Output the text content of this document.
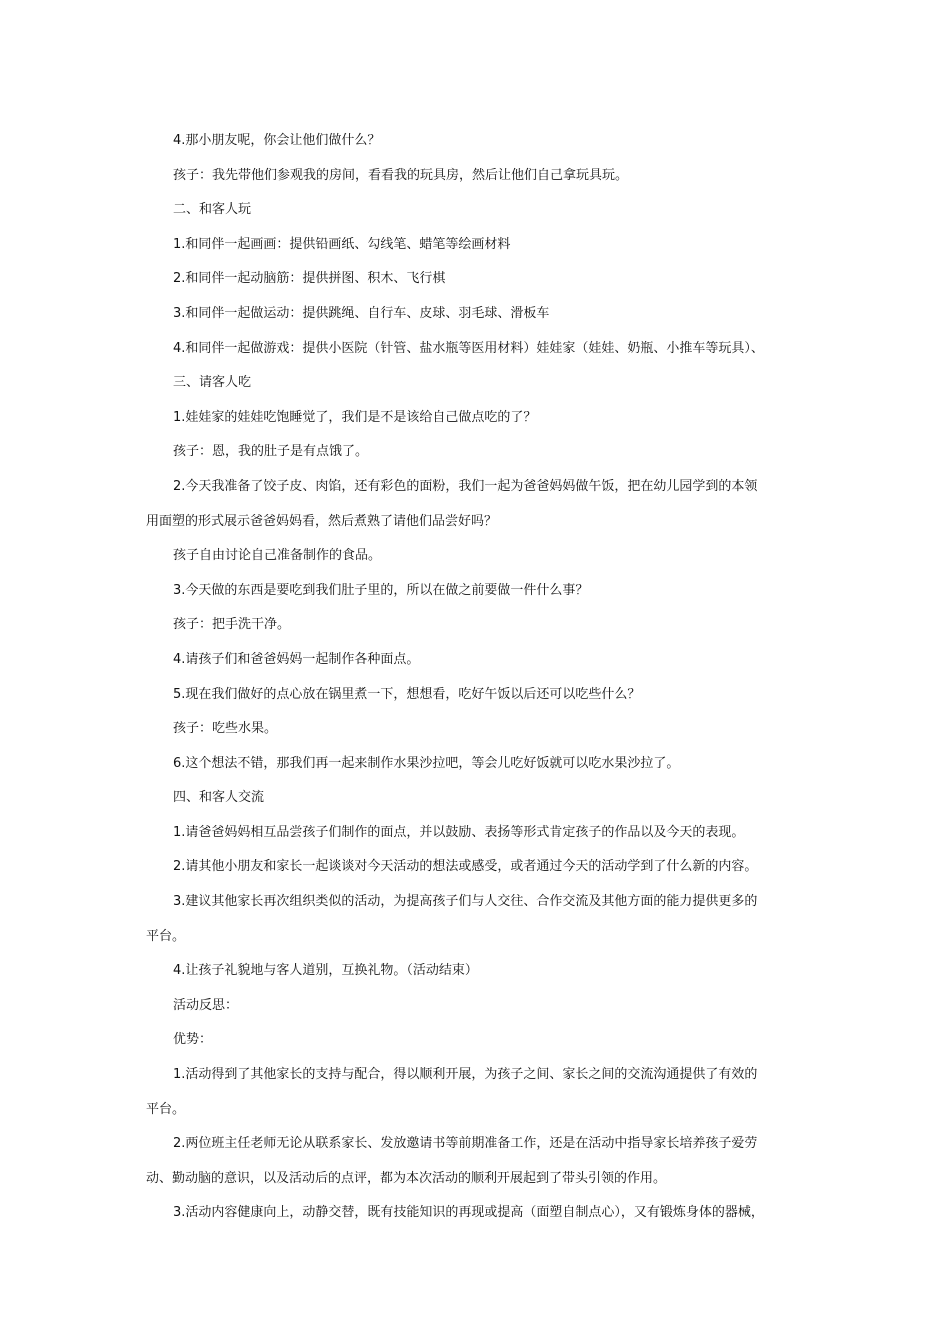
4.那小朋友呢，你会让他们做什么？

孩子：我先带他们参观我的房间，看看我的玩具房，然后让他们自己拿玩具玩。

二、和客人玩

1.和同伴一起画画：提供铅画纸、勾线笔、蜡笔等绘画材料

2.和同伴一起动脑筋：提供拼图、积木、飞行棋

3.和同伴一起做运动：提供跳绳、自行车、皮球、羽毛球、滑板车

4.和同伴一起做游戏：提供小医院（针管、盐水瓶等医用材料）娃娃家（娃娃、奶瓶、小推车等玩具）、

三、请客人吃

1.娃娃家的娃娃吃饱睡觉了，我们是不是该给自己做点吃的了？

孩子：恩，我的肚子是有点饿了。

2.今天我准备了饺子皮、肉馅，还有彩色的面粉，我们一起为爸爸妈妈做午饭，把在幼儿园学到的本领

用面塑的形式展示爸爸妈妈看，然后煮熟了请他们品尝好吗？

孩子自由讨论自己准备制作的食品。

3.今天做的东西是要吃到我们肚子里的，所以在做之前要做一件什么事？

孩子：把手洗干净。

4.请孩子们和爸爸妈妈一起制作各种面点。

5.现在我们做好的点心放在锅里煮一下，想想看，吃好午饭以后还可以吃些什么？

孩子：吃些水果。

6.这个想法不错，那我们再一起来制作水果沙拉吧，等会儿吃好饭就可以吃水果沙拉了。

四、和客人交流

1.请爸爸妈妈相互品尝孩子们制作的面点，并以鼓励、表扬等形式肯定孩子的作品以及今天的表现。

2.请其他小朋友和家长一起谈谈对今天活动的想法或感受，或者通过今天的活动学到了什么新的内容。

3.建议其他家长再次组织类似的活动，为提高孩子们与人交往、合作交流及其他方面的能力提供更多的

平台。

4.让孩子礼貌地与客人道别，互换礼物。（活动结束）

活动反思：

优势：

1.活动得到了其他家长的支持与配合，得以顺利开展，为孩子之间、家长之间的交流沟通提供了有效的

平台。

2.两位班主任老师无论从联系家长、发放邀请书等前期准备工作，还是在活动中指导家长培养孩子爱劳

动、勤动脑的意识，以及活动后的点评，都为本次活动的顺利开展起到了带头引领的作用。

3.活动内容健康向上，动静交替，既有技能知识的再现或提高（面塑自制点心），又有锻炼身体的器械，
